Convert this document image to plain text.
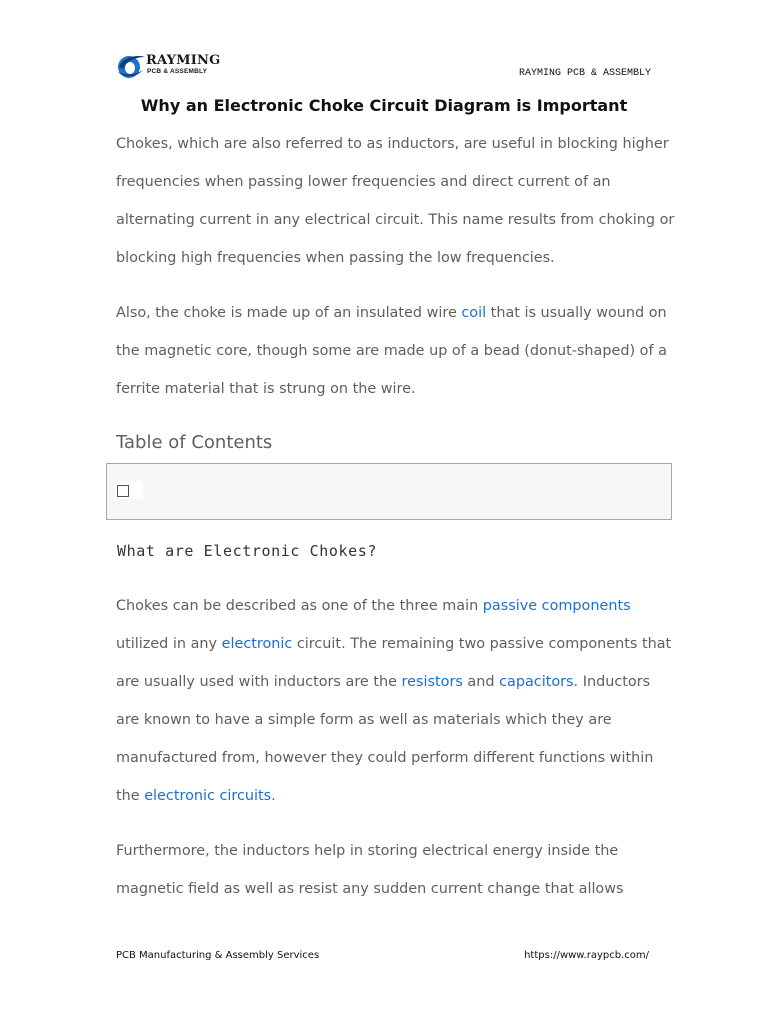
RAYMING
PCB & ASSEMBLY	RAYMING PCB & ASSEMBLY
Why an Electronic Choke Circuit Diagram is Important

Chokes, which are also referred to as inductors, are useful in blocking higher frequencies when passing lower frequencies and direct current of an alternating current in any electrical circuit. This name results from choking or blocking high frequencies when passing the low frequencies.

Also, the choke is made up of an insulated wire coil that is usually wound on the magnetic core, though some are made up of a bead (donut-shaped) of a ferrite material that is strung on the wire.

Table of Contents
What are Electronic Chokes?

Chokes can be described as one of the three main passive components utilized in any electronic circuit. The remaining two passive components that are usually used with inductors are the resistors and capacitors. Inductors are known to have a simple form as well as materials which they are manufactured from, however they could perform different functions within the electronic circuits.

Furthermore, the inductors help in storing electrical energy inside the magnetic field as well as resist any sudden current change that allows

PCB Manufacturing & Assembly Services	https://www.raypcb.com/
